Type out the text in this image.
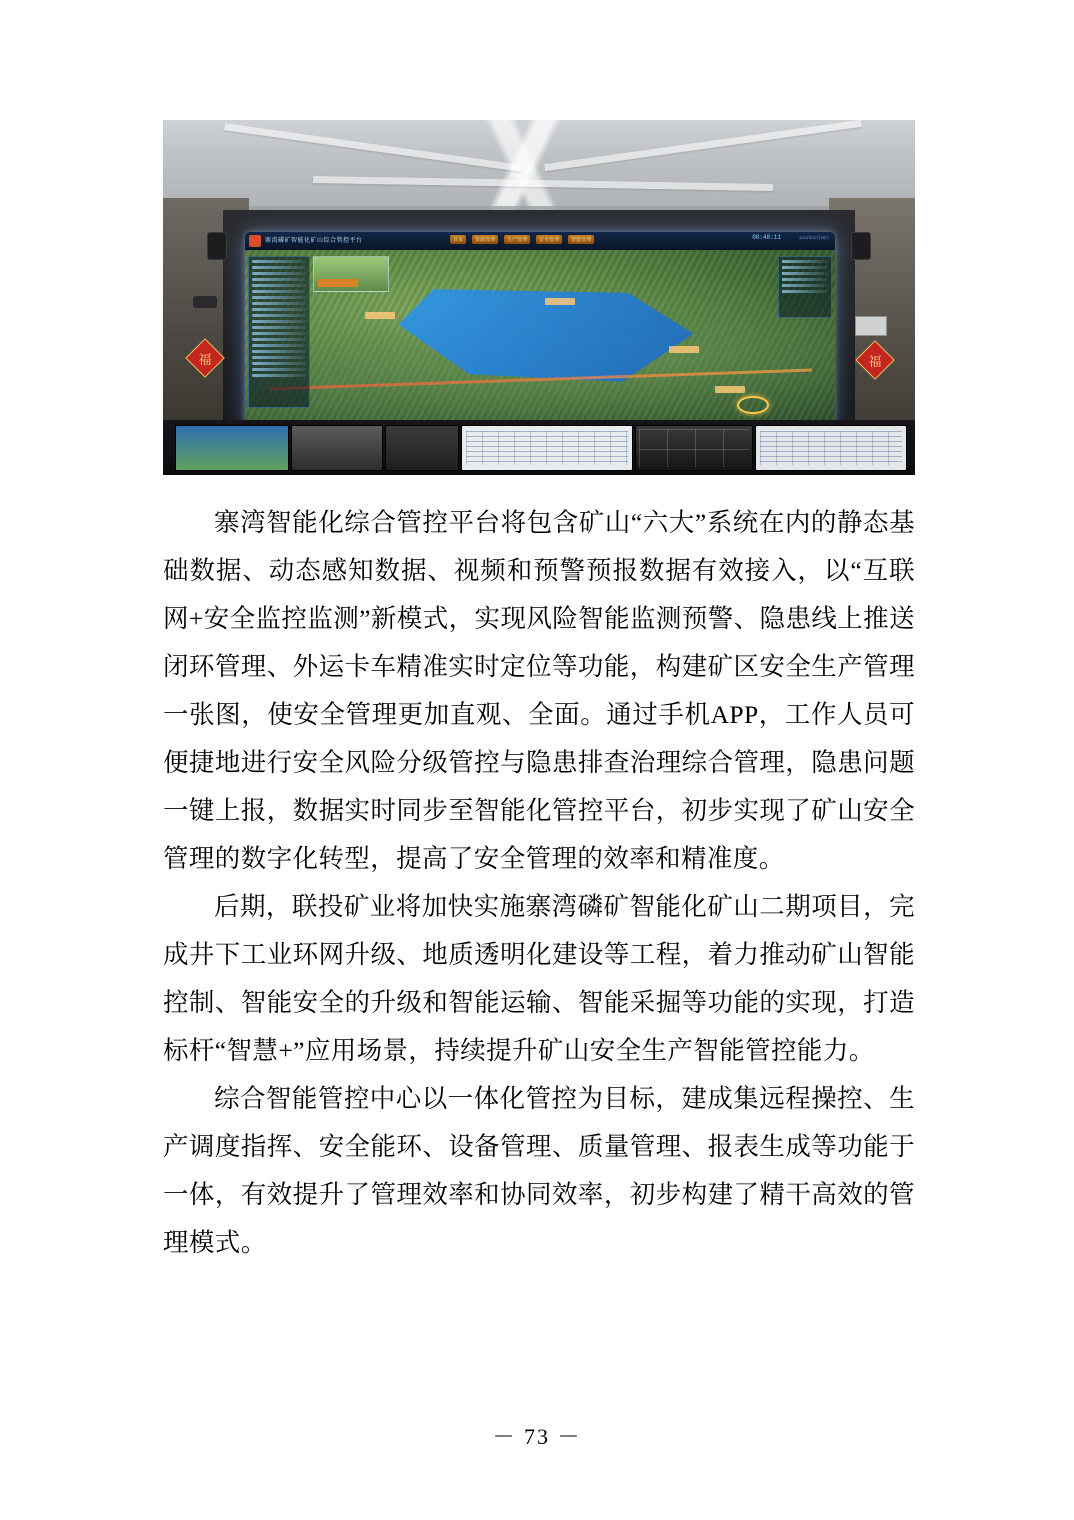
福	福
寨湾磷矿智能化矿山综合管控平台	首页	资源管理	生产管理	安全管理	智能管理	08:48:11	2024年02月28日

寨湾智能化综合管控平台将包含矿山“六大”系统在内的静态基础数据、动态感知数据、视频和预警预报数据有效接入，以“互联网+安全监控监测”新模式，实现风险智能监测预警、隐患线上推送闭环管理、外运卡车精准实时定位等功能，构建矿区安全生产管理一张图，使安全管理更加直观、全面。通过手机APP，工作人员可便捷地进行安全风险分级管控与隐患排查治理综合管理，隐患问题一键上报，数据实时同步至智能化管控平台，初步实现了矿山安全管理的数字化转型，提高了安全管理的效率和精准度。

后期，联投矿业将加快实施寨湾磷矿智能化矿山二期项目，完成井下工业环网升级、地质透明化建设等工程，着力推动矿山智能控制、智能安全的升级和智能运输、智能采掘等功能的实现，打造标杆“智慧+”应用场景，持续提升矿山安全生产智能管控能力。

综合智能管控中心以一体化管控为目标，建成集远程操控、生产调度指挥、安全能环、设备管理、质量管理、报表生成等功能于一体，有效提升了管理效率和协同效率，初步构建了精干高效的管理模式。

－ 73 －
